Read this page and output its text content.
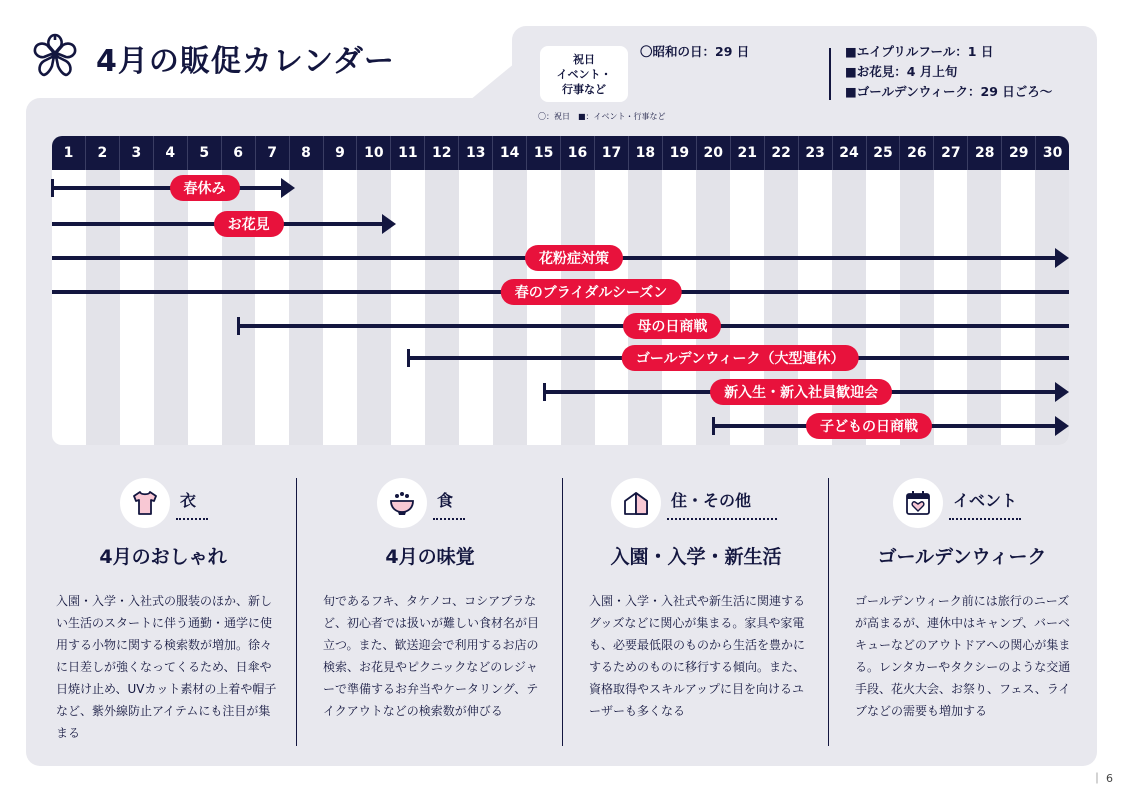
4月の販促カレンダー	祝日
イベント・
行事など
〇昭和の日：29 日	■エイプリルフール：1 日
■お花見：4 月上旬
■ゴールデンウィーク：29 日ごろ〜
〇：祝日　■：イベント・行事など
1	2	3	4	5	6	7	8	9	10	11	12	13	14	15	16	17	18	19	20	21	22	23	24	25	26	27	28	29	30
春休み
お花見
花粉症対策
春のブライダルシーズン
母の日商戦
ゴールデンウィーク（大型連休）
新入生・新入社員歓迎会
子どもの日商戦
衣
4月のおしゃれ
入園・入学・入社式の服装のほか、新しい生活のスタートに伴う通勤・通学に使用する小物に関する検索数が増加。徐々に日差しが強くなってくるため、日傘や日焼け止め、UVカット素材の上着や帽子など、紫外線防止アイテムにも注目が集まる
食
4月の味覚
旬であるフキ、タケノコ、コシアブラなど、初心者では扱いが難しい食材名が目立つ。また、歓送迎会で利用するお店の検索、お花見やピクニックなどのレジャーで準備するお弁当やケータリング、テイクアウトなどの検索数が伸びる
住・その他
入園・入学・新生活
入園・入学・入社式や新生活に関連するグッズなどに関心が集まる。家具や家電も、必要最低限のものから生活を豊かにするためのものに移行する傾向。また、資格取得やスキルアップに目を向けるユーザーも多くなる
イベント
ゴールデンウィーク
ゴールデンウィーク前には旅行のニーズが高まるが、連休中はキャンプ、バーベキューなどのアウトドアへの関心が集まる。レンタカーやタクシーのような交通手段、花火大会、お祭り、フェス、ライブなどの需要も増加する
｜ 6
